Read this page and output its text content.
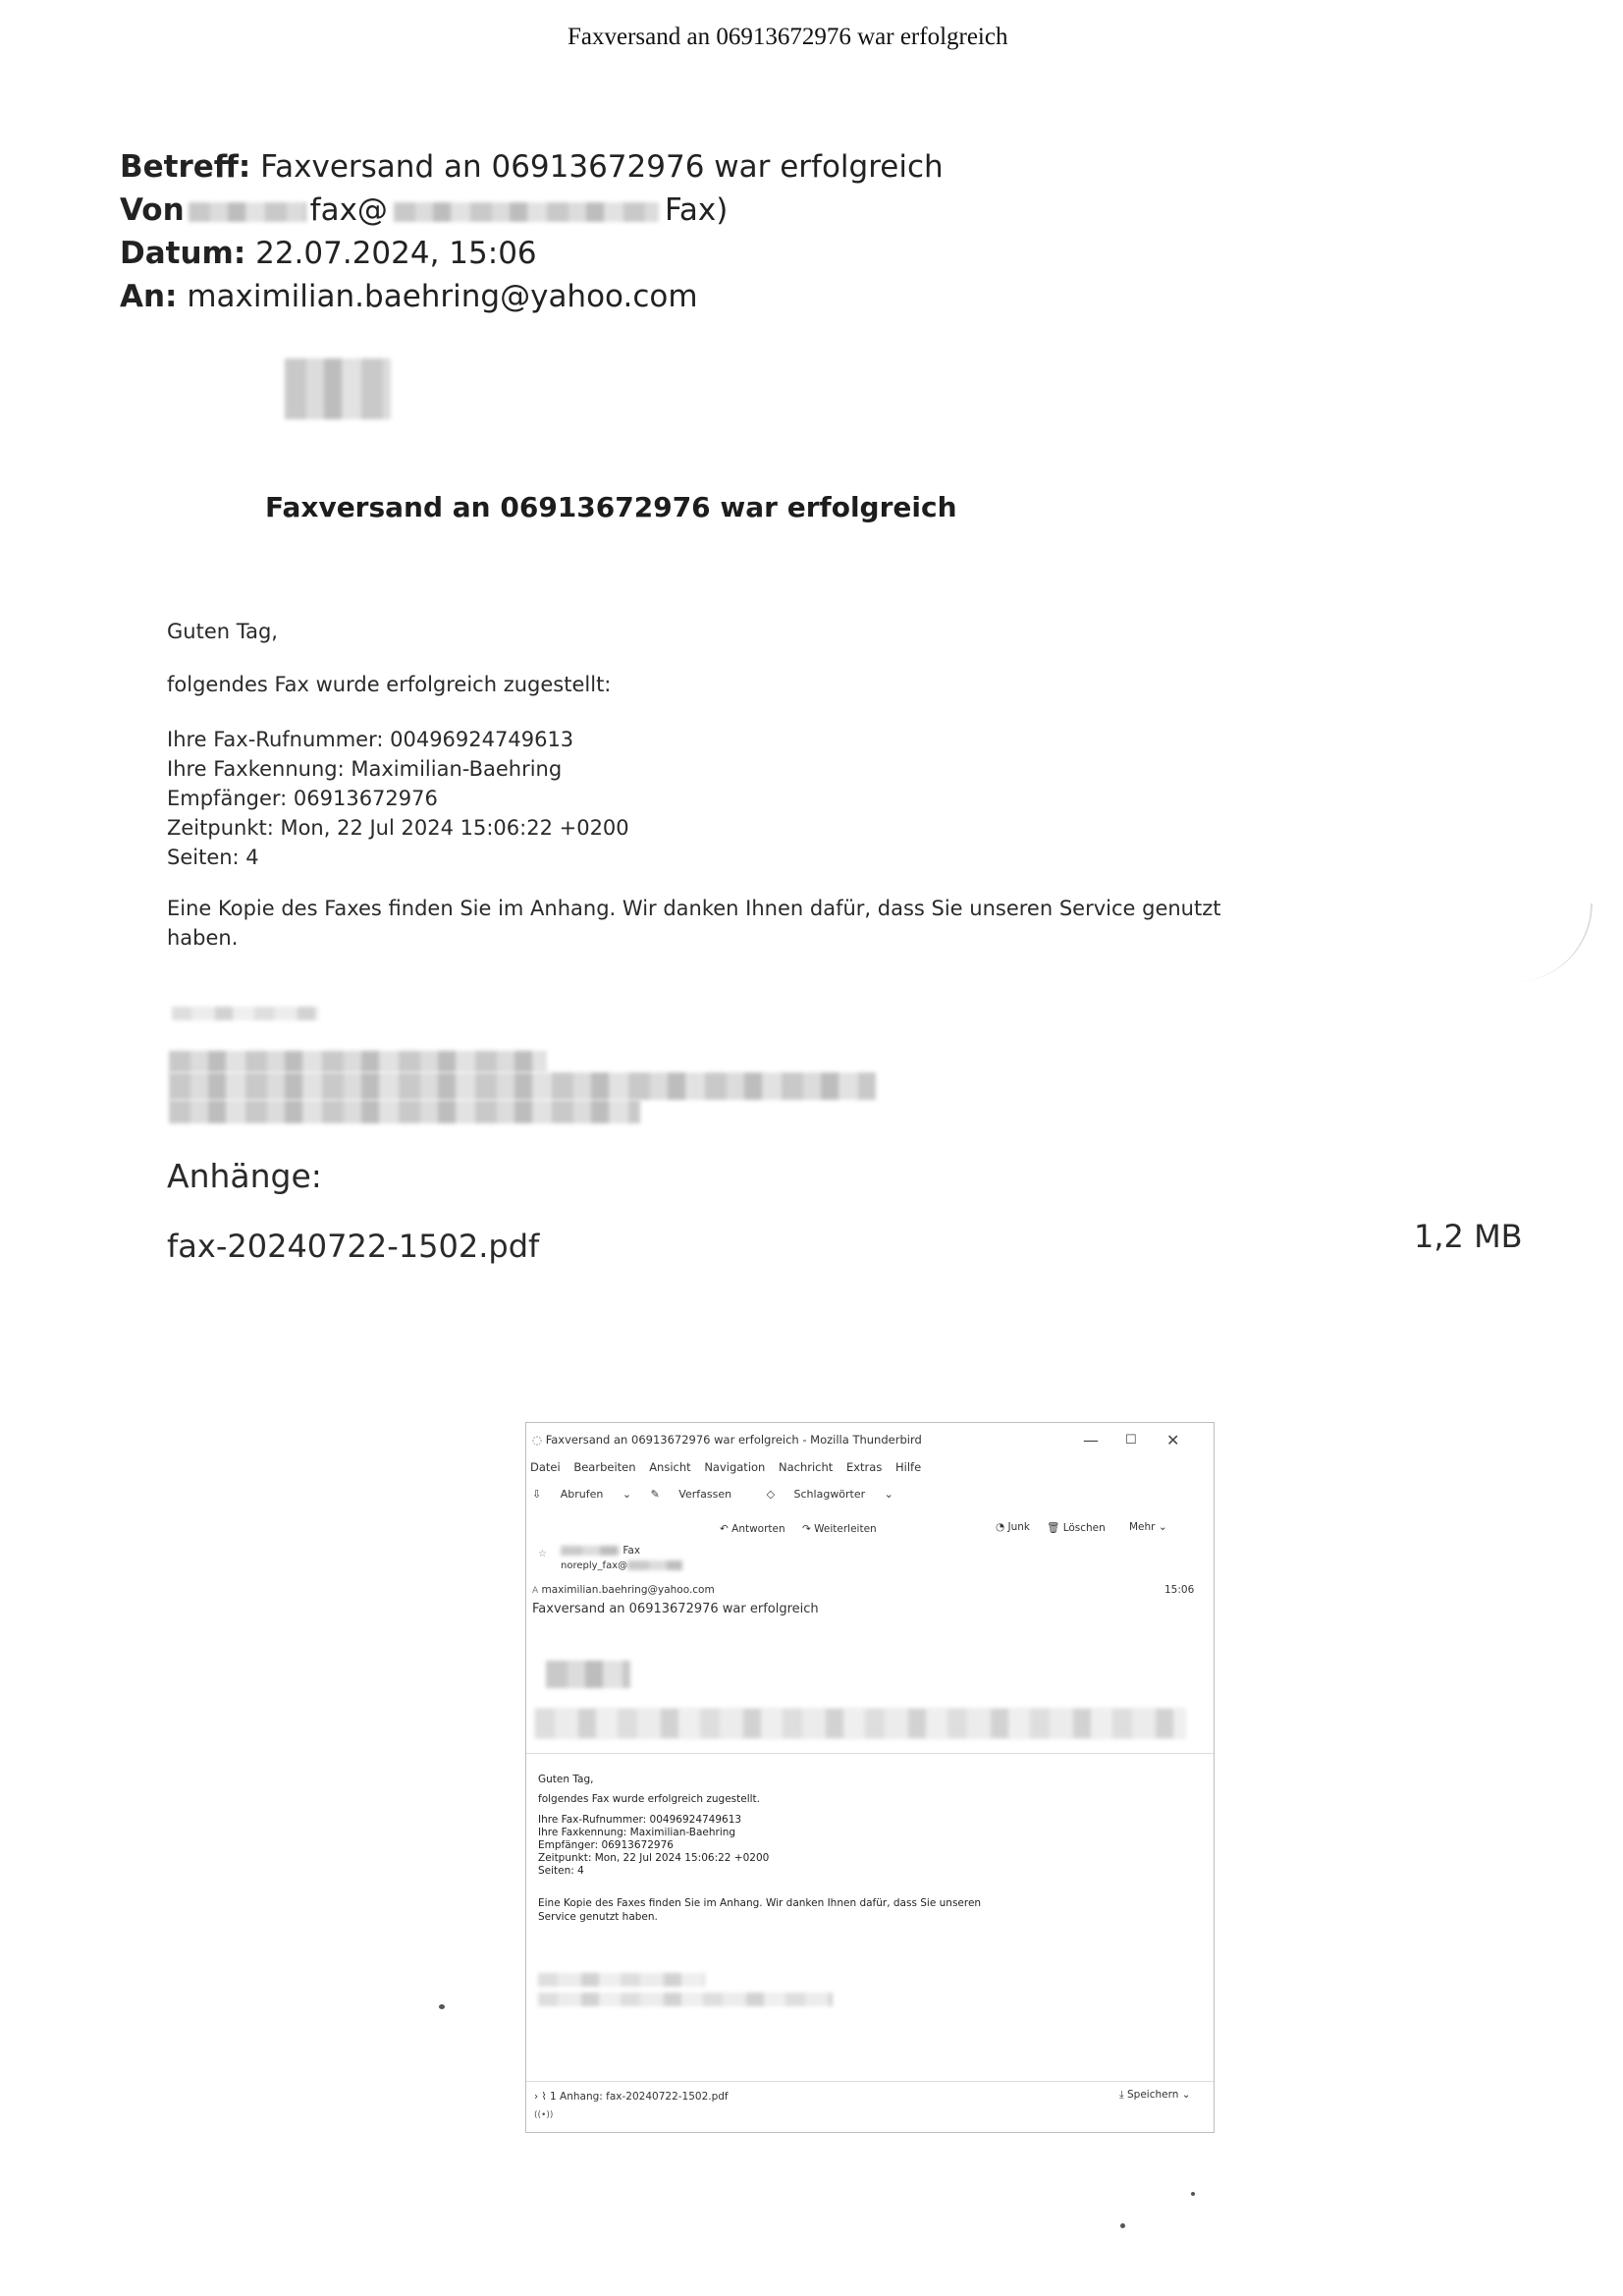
Faxversand an 06913672976 war erfolgreich
Betreff: Faxversand an 06913672976 war erfolgreich
Von	fax@	Fax)
Datum: 22.07.2024, 15:06
An: maximilian.baehring@yahoo.com
Faxversand an 06913672976 war erfolgreich
Guten Tag,
folgendes Fax wurde erfolgreich zugestellt:
Ihre Fax-Rufnummer: 00496924749613
Ihre Faxkennung: Maximilian-Baehring
Empfänger: 06913672976
Zeitpunkt: Mon, 22 Jul 2024 15:06:22 +0200
Seiten: 4
Eine Kopie des Faxes finden Sie im Anhang. Wir danken Ihnen dafür, dass Sie unseren Service genutzt
haben.
Anhänge:
fax-20240722-1502.pdf	1,2 MB
◌ Faxversand an 06913672976 war erfolgreich - Mozilla Thunderbird	— ☐ ✕
Datei Bearbeiten Ansicht Navigation Nachricht Extras Hilfe
⇩ Abrufen ⌄ ✎ Verfassen	◇ Schlagwörter ⌄
↶ Antworten ↷ Weiterleiten	◔ Junk 🗑 Löschen Mehr ⌄
☆	Fax
noreply_fax@
A maximilian.baehring@yahoo.com	15:06
Faxversand an 06913672976 war erfolgreich
Guten Tag,
folgendes Fax wurde erfolgreich zugestellt.
Ihre Fax-Rufnummer: 00496924749613
Ihre Faxkennung: Maximilian-Baehring
Empfänger: 06913672976
Zeitpunkt: Mon, 22 Jul 2024 15:06:22 +0200
Seiten: 4
Eine Kopie des Faxes finden Sie im Anhang. Wir danken Ihnen dafür, dass Sie unseren
Service genutzt haben.
› ⌇ 1 Anhang: fax-20240722-1502.pdf	⤓ Speichern ⌄
((•))
